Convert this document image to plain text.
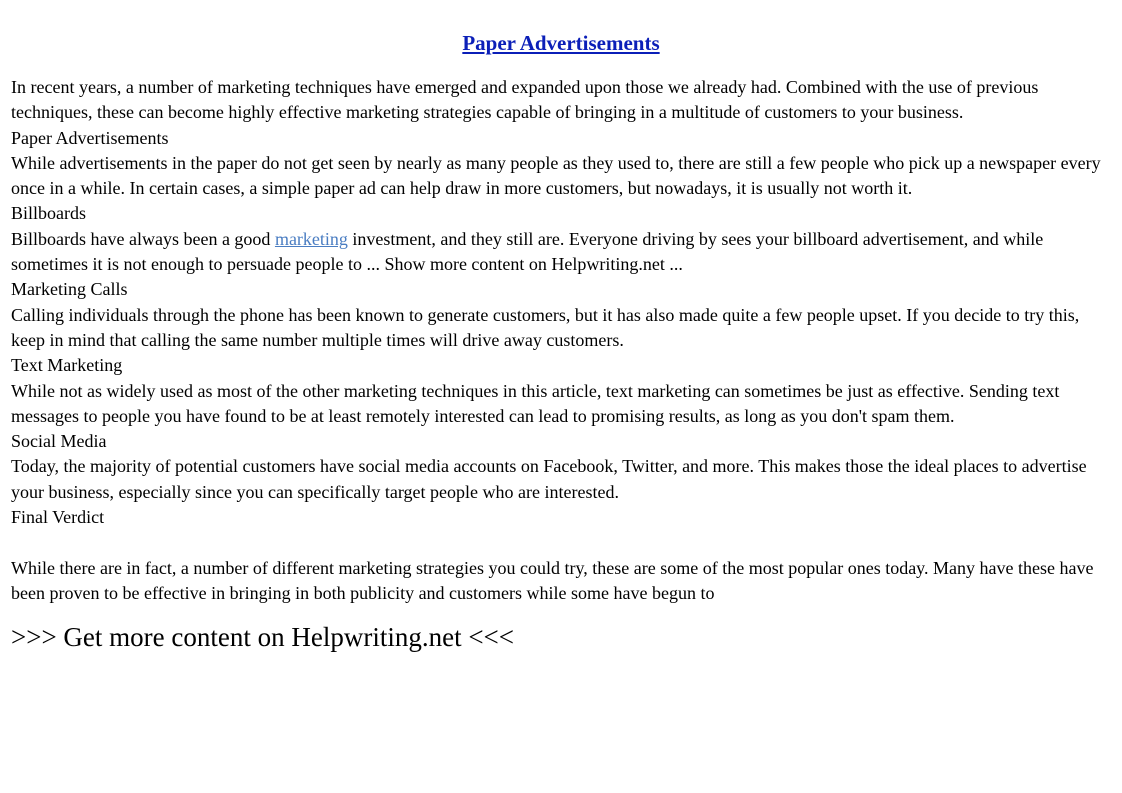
Paper Advertisements

In recent years, a number of marketing techniques have emerged and expanded upon those we already had. Combined with the use of previous techniques, these can become highly effective marketing strategies capable of bringing in a multitude of customers to your business.

Paper Advertisements

While advertisements in the paper do not get seen by nearly as many people as they used to, there are still a few people who pick up a newspaper every once in a while. In certain cases, a simple paper ad can help draw in more customers, but nowadays, it is usually not worth it.

Billboards

Billboards have always been a good marketing investment, and they still are. Everyone driving by sees your billboard advertisement, and while sometimes it is not enough to persuade people to ... Show more content on Helpwriting.net ...

Marketing Calls

Calling individuals through the phone has been known to generate customers, but it has also made quite a few people upset. If you decide to try this, keep in mind that calling the same number multiple times will drive away customers.

Text Marketing

While not as widely used as most of the other marketing techniques in this article, text marketing can sometimes be just as effective. Sending text messages to people you have found to be at least remotely interested can lead to promising results, as long as you don't spam them.

Social Media

Today, the majority of potential customers have social media accounts on Facebook, Twitter, and more. This makes those the ideal places to advertise your business, especially since you can specifically target people who are interested.

Final Verdict

While there are in fact, a number of different marketing strategies you could try, these are some of the most popular ones today. Many have these have been proven to be effective in bringing in both publicity and customers while some have begun to

>>> Get more content on Helpwriting.net <<<
